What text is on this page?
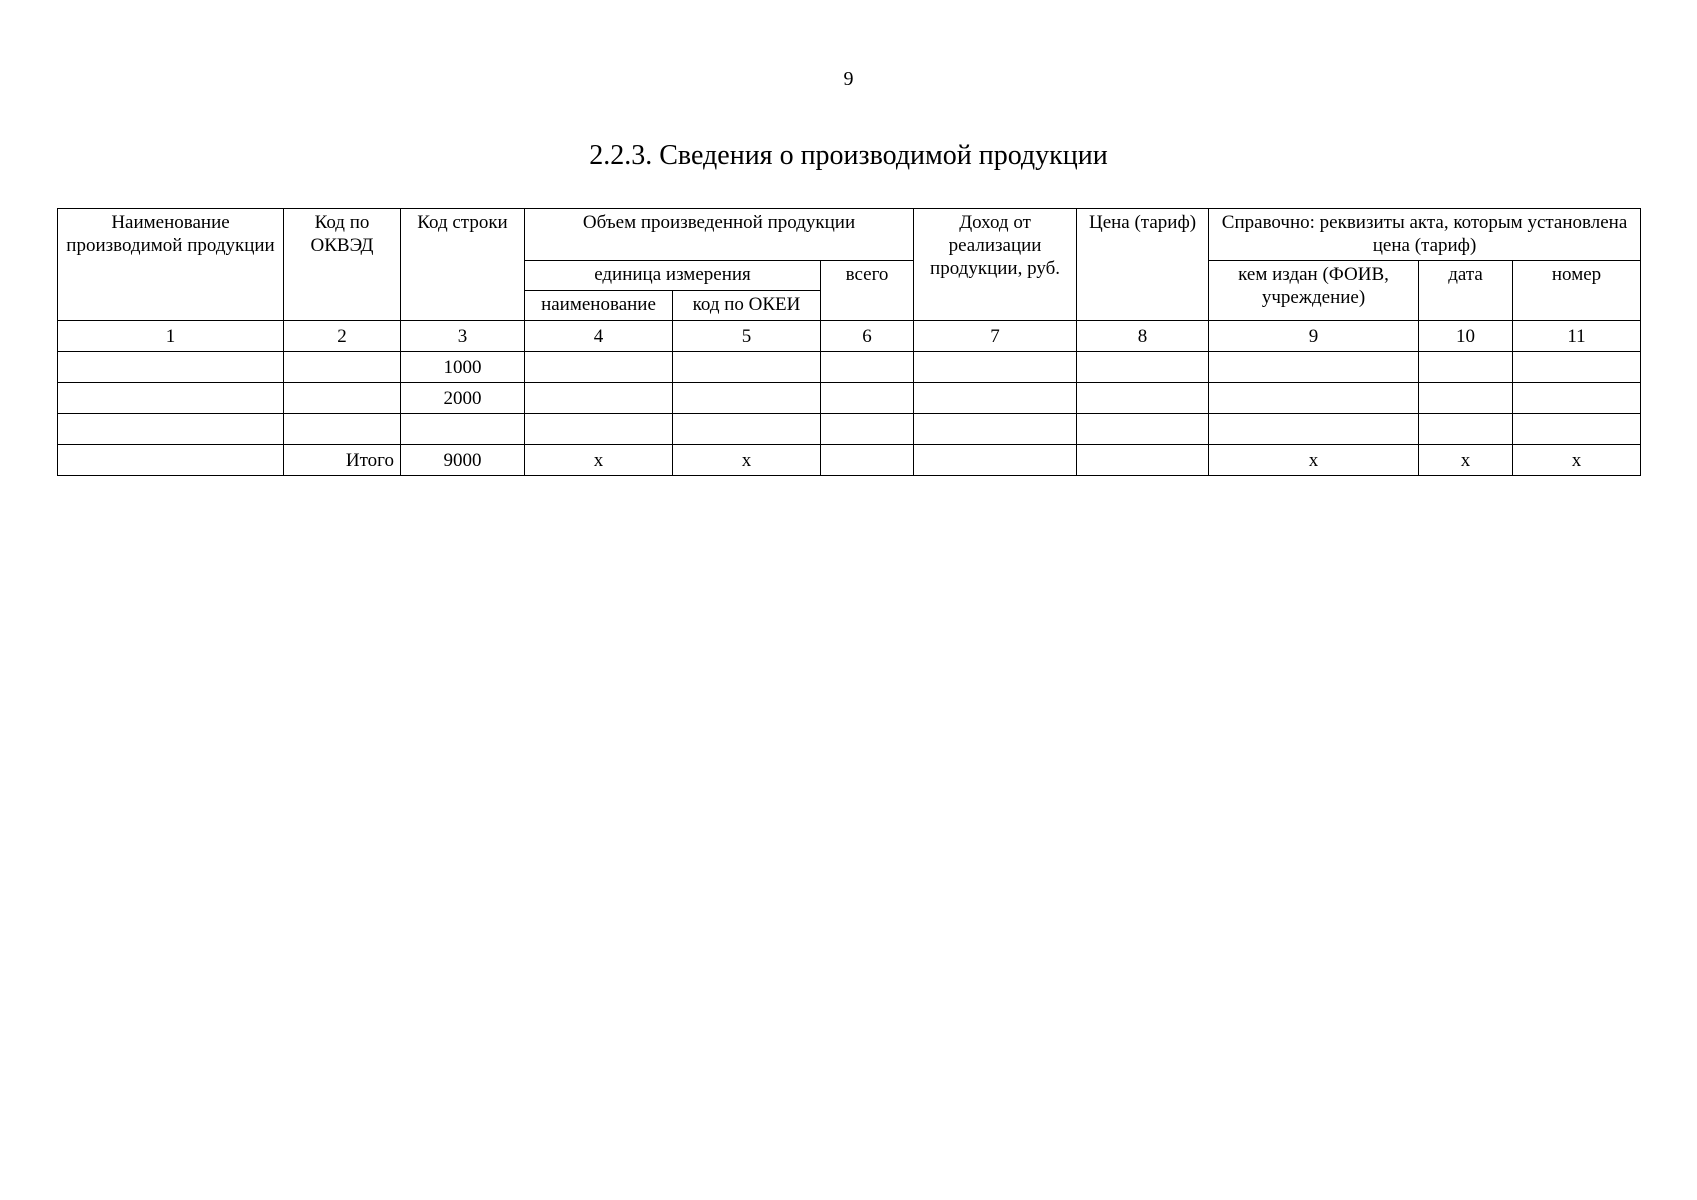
9
2.2.3. Сведения о производимой продукции
Наименование производимой продукции	Код по ОКВЭД	Код строки	Объем произведенной продукции			Доход от реализации продукции, руб.	Цена (тариф)	Справочно: реквизиты акта, которым установлена цена (тариф)		
			единица измерения		всего			кем издан (ФОИВ, учреждение)	дата	номер
			наименование	код по ОКЕИ						
1	2	3	4	5	6	7	8	9	10	11
		1000								
		2000								

	Итого	9000	x	x				x	x	x
